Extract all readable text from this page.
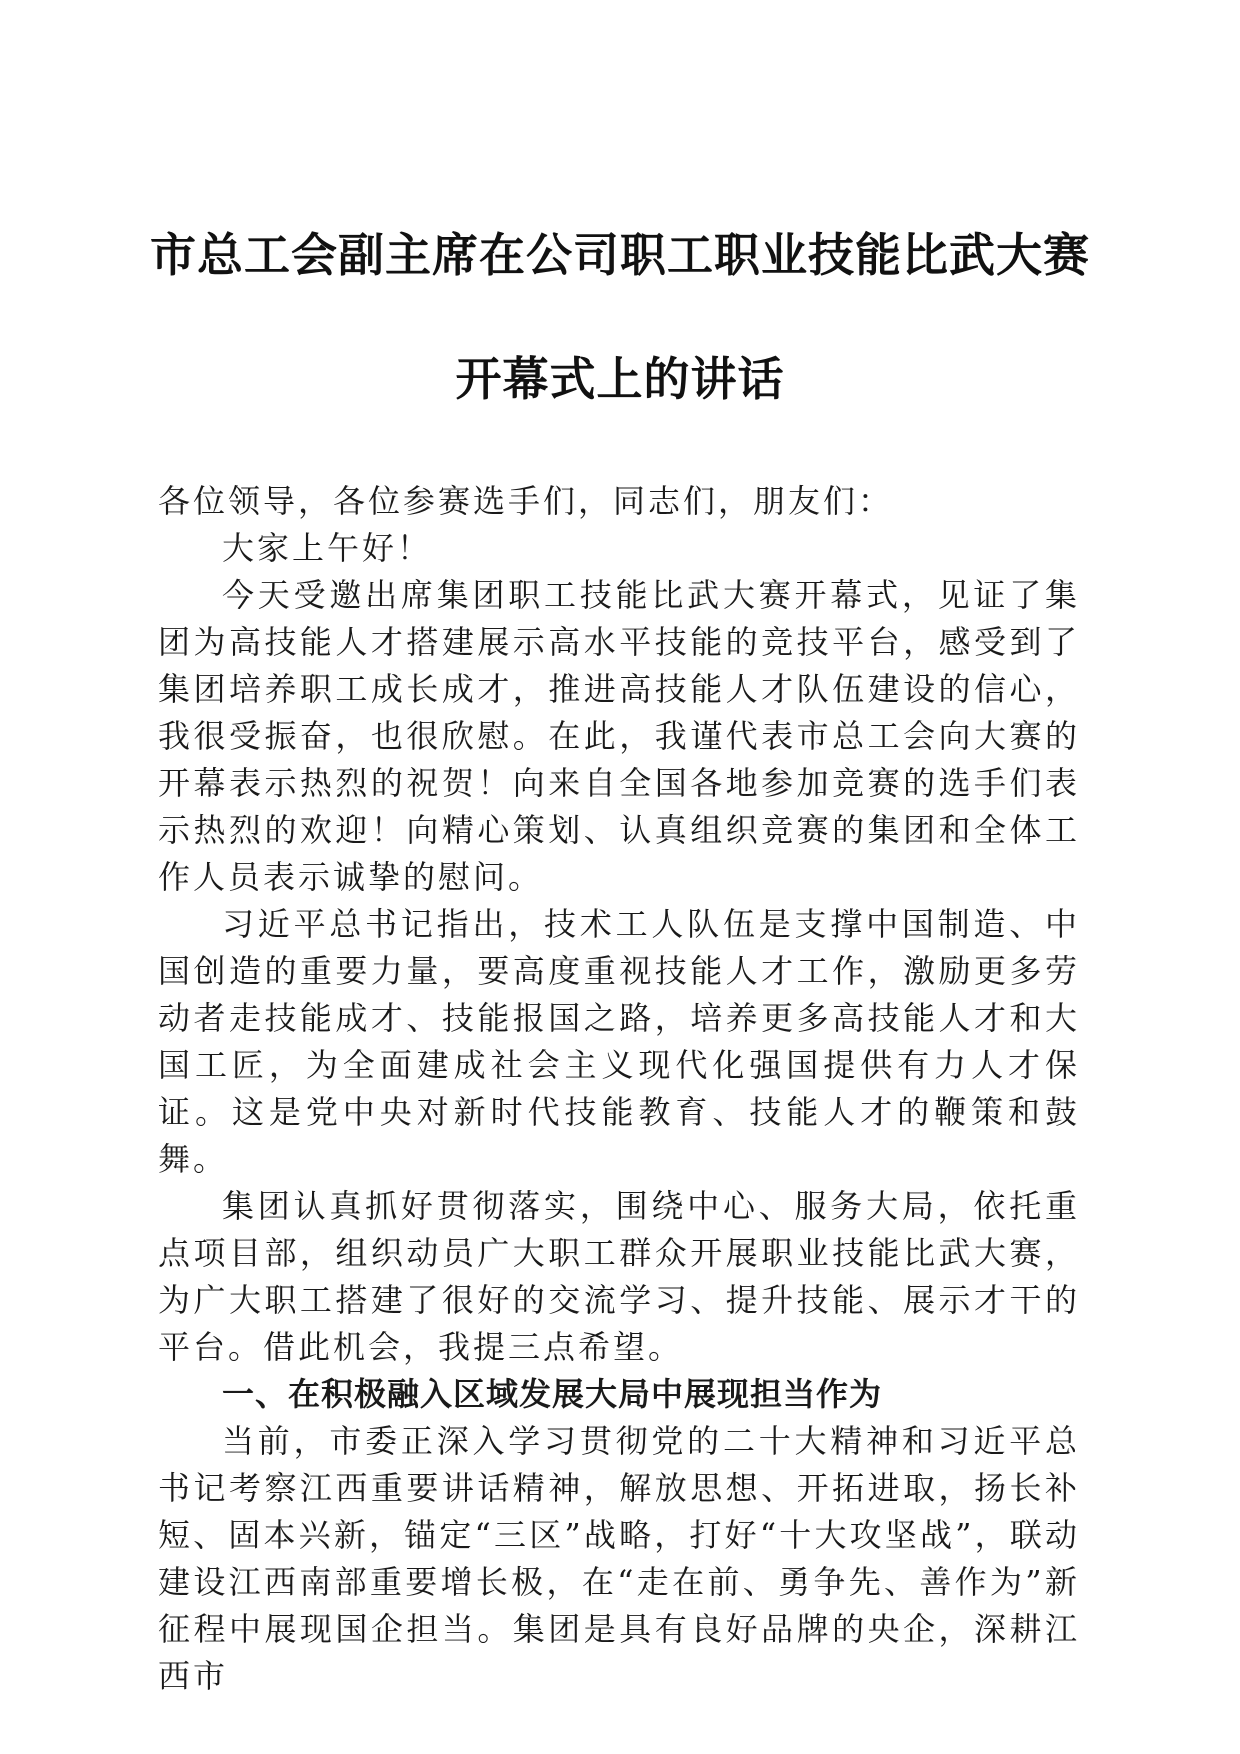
市总工会副主席在公司职工职业技能比武大赛
开幕式上的讲话

各位领导，各位参赛选手们，同志们，朋友们：

大家上午好！

今天受邀出席集团职工技能比武大赛开幕式，见证了集团为高技能人才搭建展示高水平技能的竞技平台，感受到了集团培养职工成长成才，推进高技能人才队伍建设的信心，我很受振奋，也很欣慰。在此，我谨代表市总工会向大赛的开幕表示热烈的祝贺！向来自全国各地参加竞赛的选手们表示热烈的欢迎！向精心策划、认真组织竞赛的集团和全体工作人员表示诚挚的慰问。

习近平总书记指出，技术工人队伍是支撑中国制造、中国创造的重要力量，要高度重视技能人才工作，激励更多劳动者走技能成才、技能报国之路，培养更多高技能人才和大国工匠，为全面建成社会主义现代化强国提供有力人才保证。这是党中央对新时代技能教育、技能人才的鞭策和鼓舞。

集团认真抓好贯彻落实，围绕中心、服务大局，依托重点项目部，组织动员广大职工群众开展职业技能比武大赛，为广大职工搭建了很好的交流学习、提升技能、展示才干的平台。借此机会，我提三点希望。

一、在积极融入区域发展大局中展现担当作为

当前，市委正深入学习贯彻党的二十大精神和习近平总书记考察江西重要讲话精神，解放思想、开拓进取，扬长补短、固本兴新，锚定“三区”战略，打好“十大攻坚战”，联动建设江西南部重要增长极，在“走在前、勇争先、善作为”新征程中展现国企担当。集团是具有良好品牌的央企，深耕江西市
